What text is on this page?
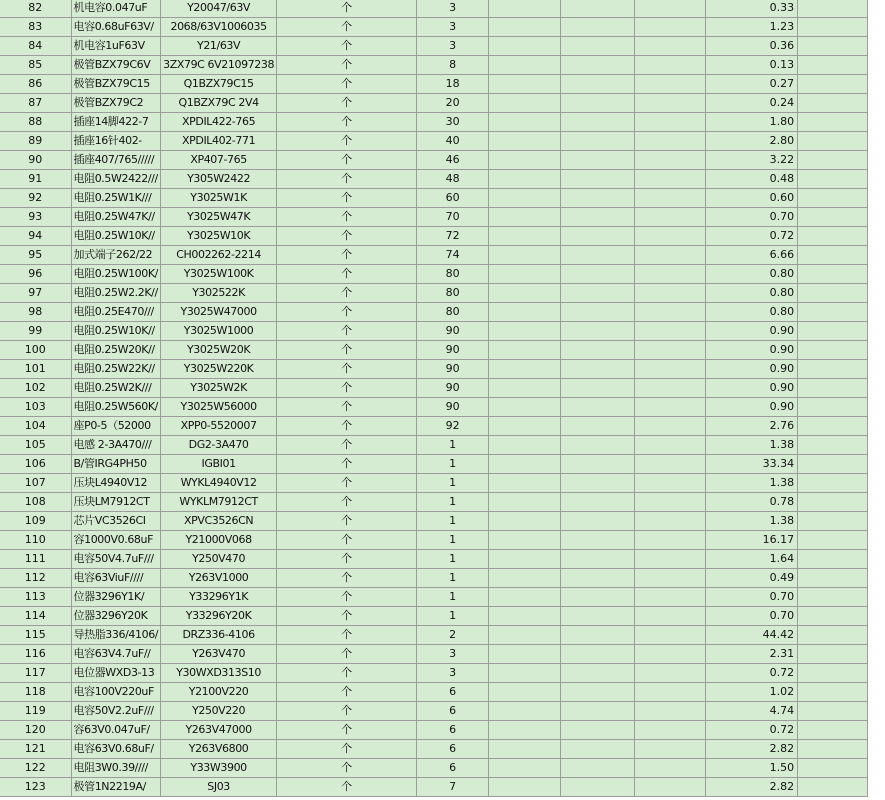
82	机电容0.047uF	Y20047/63V	个	3				0.33	
83	电容0.68uF63V/	2068/63V1006035	个	3				1.23	
84	机电容1uF63V	Y21/63V	个	3				0.36	
85	极管BZX79C6V	3ZX79C 6V21097238	个	8				0.13	
86	极管BZX79C15	Q1BZX79C15	个	18				0.27	
87	极管BZX79C2	Q1BZX79C 2V4	个	20				0.24	
88	插座14脚422-7	XPDIL422-765	个	30				1.80	
89	插座16针402-	XPDIL402-771	个	40				2.80	
90	插座407/765/////	XP407-765	个	46				3.22	
91	电阻0.5W2422///	Y305W2422	个	48				0.48	
92	电阻0.25W1K///	Y3025W1K	个	60				0.60	
93	电阻0.25W47K//	Y3025W47K	个	70				0.70	
94	电阻0.25W10K//	Y3025W10K	个	72				0.72	
95	加式端子262/22	CH002262-2214	个	74				6.66	
96	电阻0.25W100K/	Y3025W100K	个	80				0.80	
97	电阻0.25W2.2K//	Y302522K	个	80				0.80	
98	电阻0.25E470///	Y3025W47000	个	80				0.80	
99	电阻0.25W10K//	Y3025W1000	个	90				0.90	
100	电阻0.25W20K//	Y3025W20K	个	90				0.90	
101	电阻0.25W22K//	Y3025W220K	个	90				0.90	
102	电阻0.25W2K///	Y3025W2K	个	90				0.90	
103	电阻0.25W560K/	Y3025W56000	个	90				0.90	
104	座P0-5（52000	XPP0-5520007	个	92				2.76	
105	电感 2-3A470///	DG2-3A470	个	1				1.38	
106	B/管IRG4PH50	IGBI01	个	1				33.34	
107	压块L4940V12	WYKL4940V12	个	1				1.38	
108	压块LM7912CT	WYKLM7912CT	个	1				0.78	
109	芯片VC3526CI	XPVC3526CN	个	1				1.38	
110	容1000V0.68uF	Y21000V068	个	1				16.17	
111	电容50V4.7uF///	Y250V470	个	1				1.64	
112	电容63ViuF////	Y263V1000	个	1				0.49	
113	位器3296Y1K/	Y33296Y1K	个	1				0.70	
114	位器3296Y20K	Y33296Y20K	个	1				0.70	
115	导热脂336/4106/	DRZ336-4106	个	2				44.42	
116	电容63V4.7uF//	Y263V470	个	3				2.31	
117	电位器WXD3-13	Y30WXD313S10	个	3				0.72	
118	电容100V220uF	Y2100V220	个	6				1.02	
119	电容50V2.2uF///	Y250V220	个	6				4.74	
120	容63V0.047uF/	Y263V47000	个	6				0.72	
121	电容63V0.68uF/	Y263V6800	个	6				2.82	
122	电阻3W0.39////	Y33W3900	个	6				1.50	
123	极管1N2219A/	SJ03	个	7				2.82	
